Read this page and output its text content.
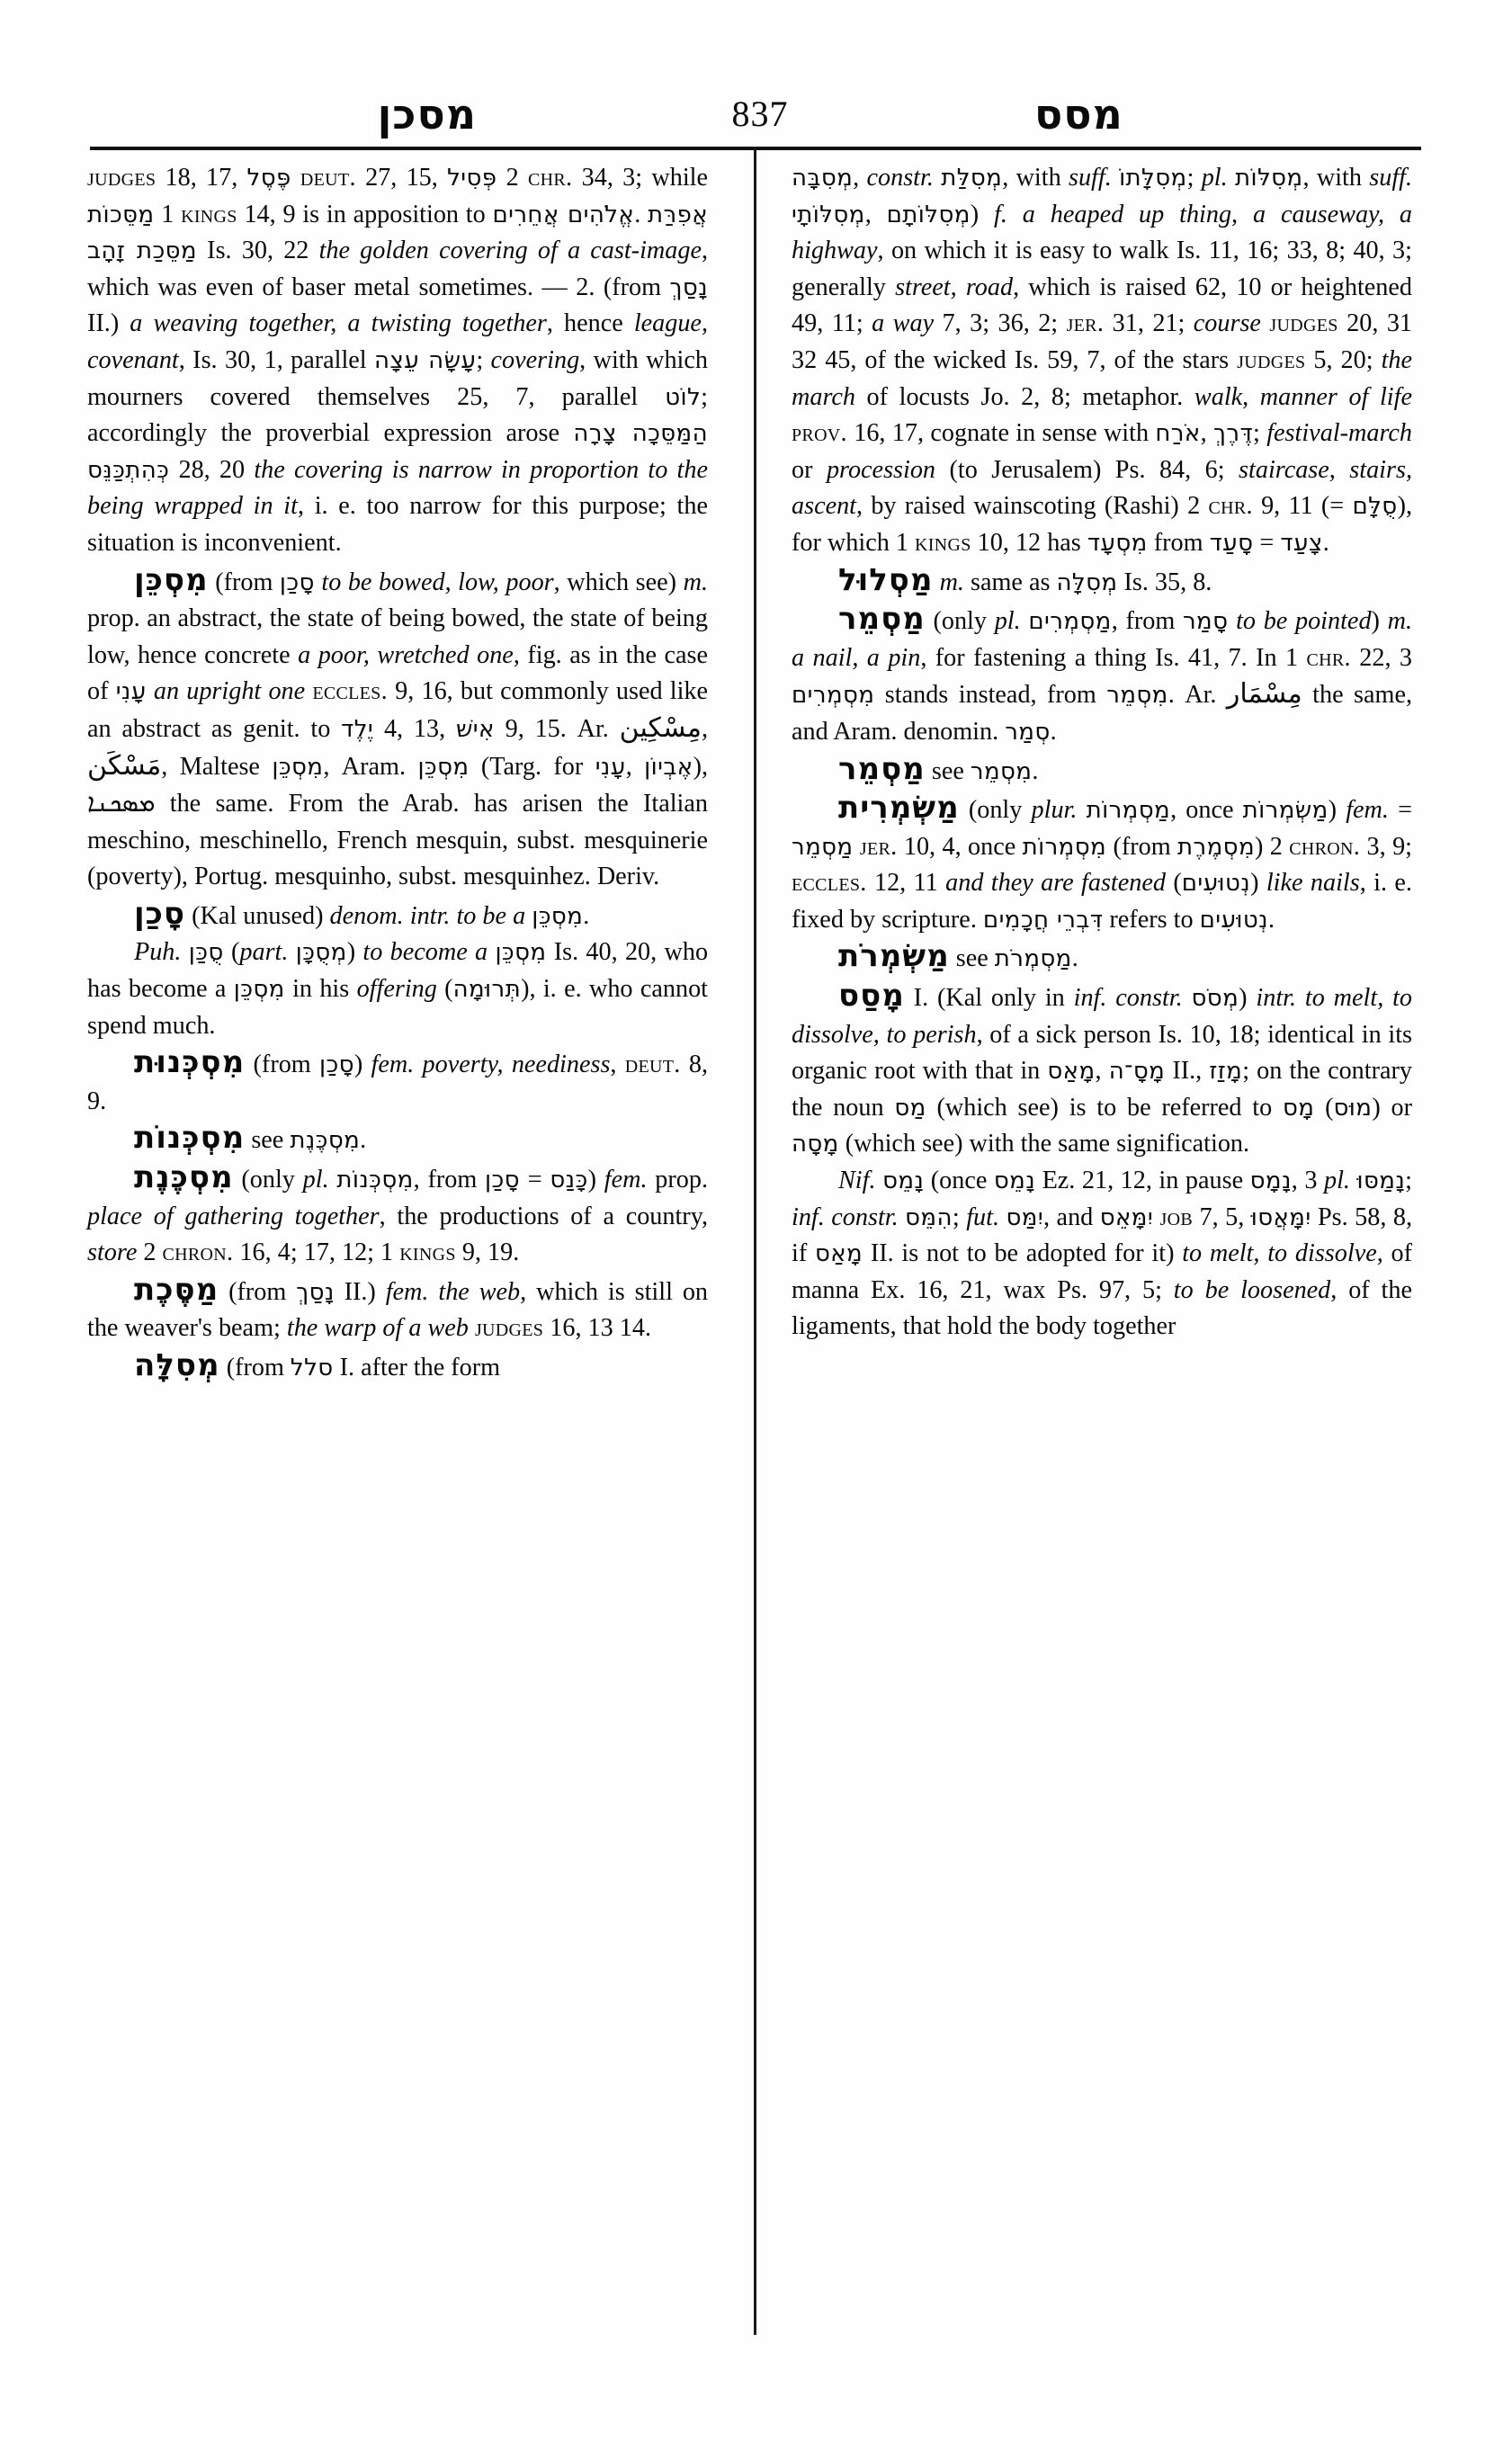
מסכן	837	מסס

judges 18, 17, פֶּסֶל deut. 27, 15, פְּסִיל 2 chr. 34, 3; while מַסֵּכוֹת 1 kings 14, 9 is in apposition to אֱלֹהִים אֲחֵרִים. אֲפִרַּת מַסֵּכַת זָהָב Is. 30, 22 the golden covering of a cast-image, which was even of baser metal sometimes. — 2. (from נָסַךְ II.) a weaving together, a twisting together, hence league, covenant, Is. 30, 1, parallel עָשָׂה עֵצָה; covering, with which mourners covered themselves 25, 7, parallel לוֹט; accordingly the proverbial expression arose הַמַּסֵּכָה צָרָה כְּהִתְכַּנֵּס 28, 20 the covering is narrow in proportion to the being wrapped in it, i. e. too narrow for this purpose; the situation is inconvenient.

מִסְכֵּן (from סָכַן to be bowed, low, poor, which see) m. prop. an abstract, the state of being bowed, the state of being low, hence concrete a poor, wretched one, fig. as in the case of עָנִי an upright one eccles. 9, 16, but commonly used like an abstract as genit. to יֶלֶד 4, 13, אִישׁ 9, 15. Ar. مِسْكِين, مَسْكَن, Maltese מִסְכֵּן, Aram. מִסְכֵּן (Targ. for עָנִי, אֶבְיוֹן), ܡܣܟܢܐ the same. From the Arab. has arisen the Italian meschino, meschinello, French mesquin, subst. mesquinerie (poverty), Portug. mesquinho, subst. mesquinhez. Deriv.

סָכַן (Kal unused) denom. intr. to be a מִסְכֵּן.

Puh. סֻכַּן (part. מְסֻכָּן) to become a מִסְכֵּן Is. 40, 20, who has become a מִסְכֵּן in his offering (תְּרוּמָה), i. e. who cannot spend much.

מִסְכְּנוּת (from סָכַן) fem. poverty, neediness, deut. 8, 9.

מִסְכְּנוֹת see מִסְכֶּנֶת.

מִסְכֶּנֶת (only pl. מִסְכְּנוֹת, from סָכַן = כָּנַס) fem. prop. place of gathering together, the productions of a country, store 2 chron. 16, 4; 17, 12; 1 kings 9, 19.

מַסֶּכֶת (from נָסַךְ II.) fem. the web, which is still on the weaver's beam; the warp of a web judges 16, 13 14.

מְסִלָּה (from סלל I. after the form

מְסִבָּה, constr. מְסִלַּת, with suff. מְסִלָּתוֹ; pl. מְסִלּוֹת, with suff. מְסִלּוֹתָי, מְסִלּוֹתָם) f. a heaped up thing, a causeway, a highway, on which it is easy to walk Is. 11, 16; 33, 8; 40, 3; generally street, road, which is raised 62, 10 or heightened 49, 11; a way 7, 3; 36, 2; jer. 31, 21; course judges 20, 31 32 45, of the wicked Is. 59, 7, of the stars judges 5, 20; the march of locusts Jo. 2, 8; metaphor. walk, manner of life prov. 16, 17, cognate in sense with אֹרַח, דֶּרֶךְ; festival-march or procession (to Jerusalem) Ps. 84, 6; staircase, stairs, ascent, by raised wainscoting (Rashi) 2 chr. 9, 11 (= סֻלָּם), for which 1 kings 10, 12 has מִסְעָד from סָעַד = צָעַד.

מַסְלוּל m. same as מְסִלָּה Is. 35, 8.

מַסְמֵר (only pl. מַסְמְרִים, from סָמַר to be pointed) m. a nail, a pin, for fastening a thing Is. 41, 7. In 1 chr. 22, 3 מִסְמְרִים stands instead, from מִסְמֵר. Ar. مِسْمَار the same, and Aram. denomin. סְמַר.

מַסְמֵר see מִסְמֵר.

מַשְׂמְרִית (only plur. מַסְמְרוֹת, once מַשְׂמְרוֹת) fem. = מַסְמֵר jer. 10, 4, once מִסְמְרוֹת (from מִסְמֶרֶת) 2 chron. 3, 9; eccles. 12, 11 and they are fastened (נְטוּעִים) like nails, i. e. fixed by scripture. דִּבְרֵי חֲכָמִים refers to נְטוּעִים.

מַשְׂמְרֹת see מַסְמְרֹת.

מָסַס I. (Kal only in inf. constr. מְסֹס) intr. to melt, to dissolve, to perish, of a sick person Is. 10, 18; identical in its organic root with that in מָאַס, מָסָ־ה II., מָזַז; on the contrary the noun מַס (which see) is to be referred to מָס (מוּס) or מָסָה (which see) with the same signification.

Nif. נָמֵס (once נָמֵס Ez. 21, 12, in pause נָמָס, 3 pl. נָמַסּוּ; inf. constr. הִמֵּס; fut. יִמַּס, and יִמָּאֵס job 7, 5, יִמָּאֲסוּ Ps. 58, 8, if מָאַס II. is not to be adopted for it) to melt, to dissolve, of manna Ex. 16, 21, wax Ps. 97, 5; to be loosened, of the ligaments, that hold the body together
